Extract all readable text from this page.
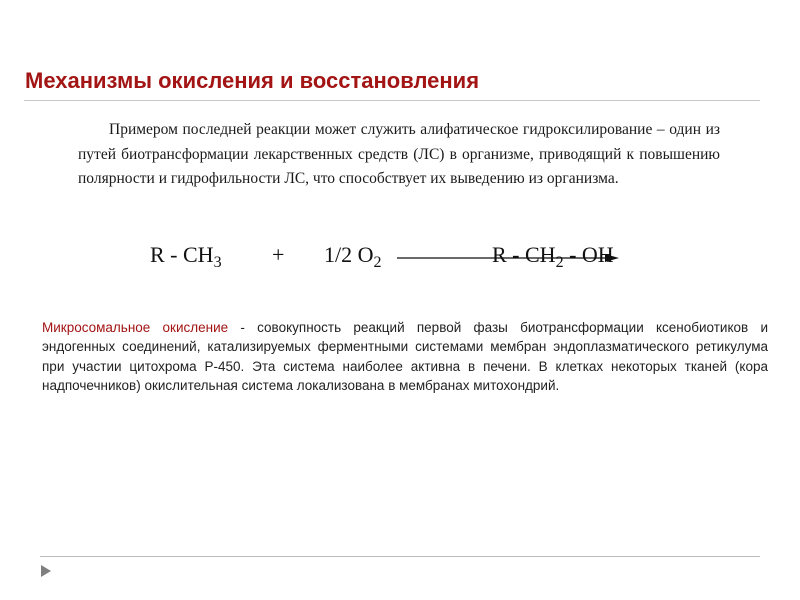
Механизмы окисления и восстановления

Примером последней реакции может служить алифатическое гидроксилирование – один из путей биотрансформации лекарственных средств (ЛС) в организме, приводящий к повышению полярности и гидрофильности ЛС, что способствует их выведению из организма.

$R - CH_3 + 1/2$ $O_2$	R - $CH_2$ - OH

Микросомальное окисление - совокупность реакций первой фазы биотрансформации ксенобиотиков и эндогенных соединений, катализируемых ферментными системами мембран эндоплазматического ретикулума при участии цитохрома Р-450. Эта система наиболее активна в печени. В клетках некоторых тканей (кора надпочечников) окислительная система локализована в мембранах митохондрий.
